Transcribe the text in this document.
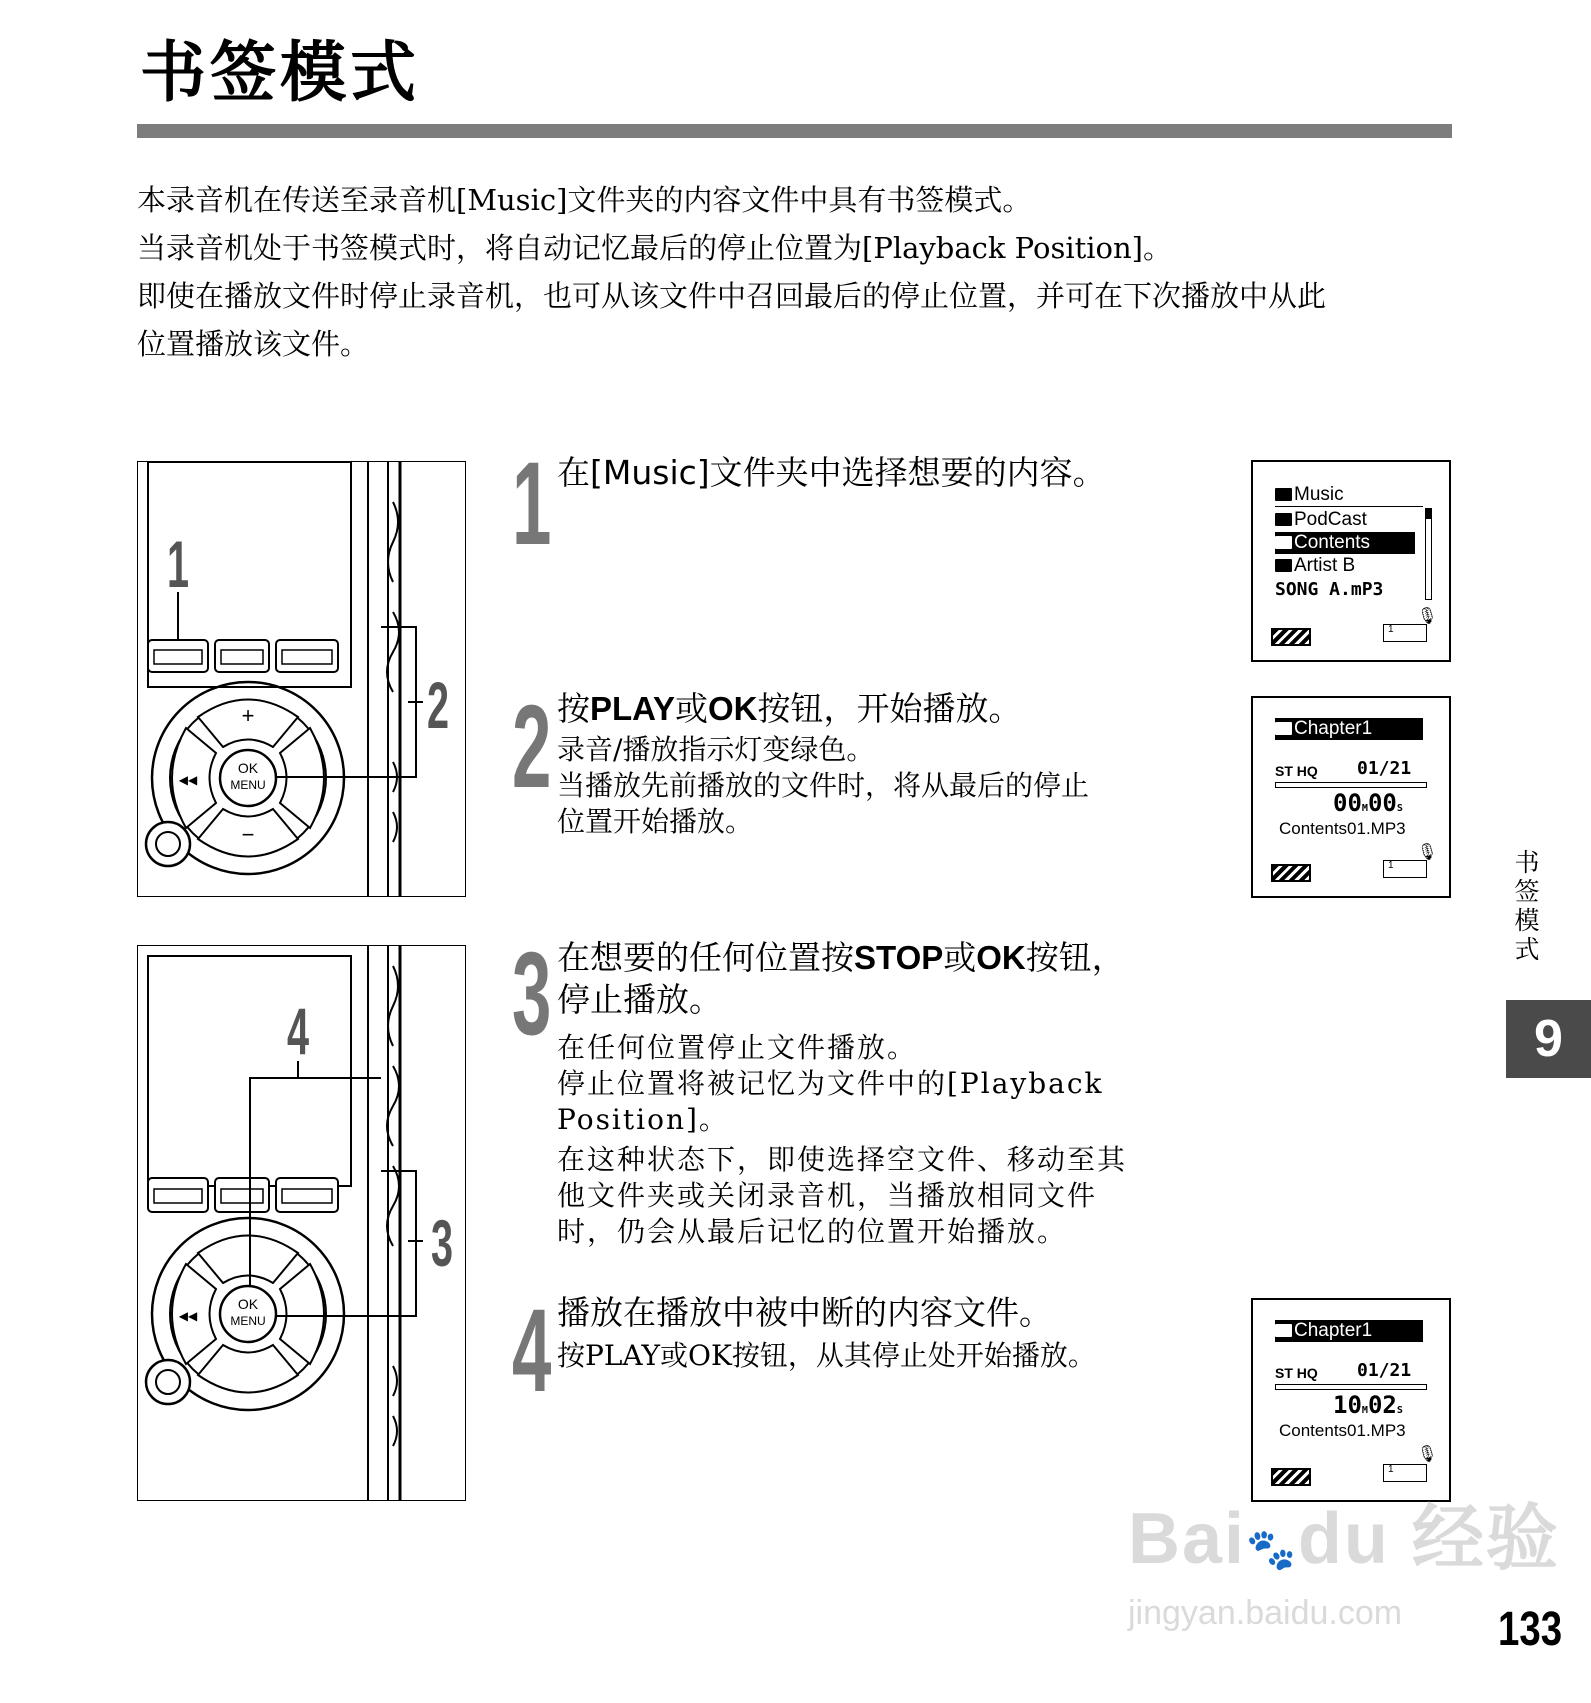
书签模式

本录音机在传送至录音机[Music]文件夹的内容文件中具有书签模式。

当录音机处于书签模式时，将自动记忆最后的停止位置为[Playback Position]。

即使在播放文件时停止录音机，也可从该文件中召回最后的停止位置，并可在下次播放中从此

位置播放该文件。

OK
MENU
+
−
◀◀
1
2
OK
MENU
◀◀
4
3
1 在[Music]文件夹中选择想要的内容。
2 按PLAY或OK按钮，开始播放。

录音/播放指示灯变绿色。

当播放先前播放的文件时，将从最后的停止

位置开始播放。

3 在想要的任何位置按STOP或OK按钮，
停止播放。

在任何位置停止文件播放。

停止位置将被记忆为文件中的[Playback

Position]。

在这种状态下，即使选择空文件、移动至其

他文件夹或关闭录音机，当播放相同文件

时，仍会从最后记忆的位置开始播放。

4 播放在播放中被中断的内容文件。

按PLAY或OK按钮，从其停止处开始播放。

Music
PodCast
Contents
Artist B
SONG A.mP3
🎙
1
Chapter1
ST HQ 01/21
00M00S
Contents01.MP3
🎙
1
Chapter1
ST HQ 01/21
10M02S
Contents01.MP3
🎙
1
书
签
模
式
9
Bai🐾du 经验
jingyan.baidu.com	133
